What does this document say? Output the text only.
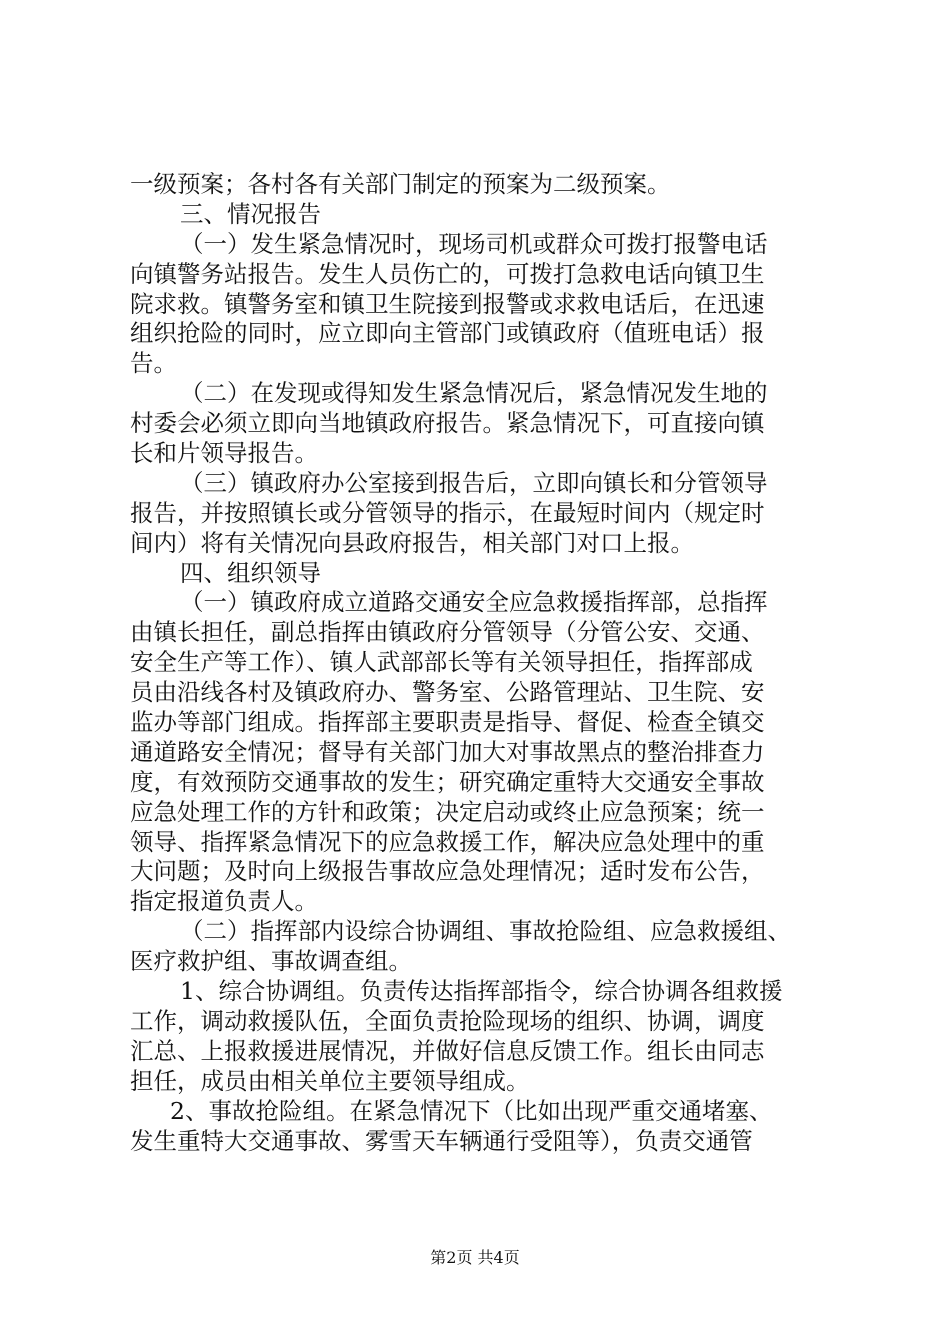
一级预案；各村各有关部门制定的预案为二级预案。
三、情况报告
（一）发生紧急情况时，现场司机或群众可拨打报警电话
向镇警务站报告。发生人员伤亡的，可拨打急救电话向镇卫生
院求救。镇警务室和镇卫生院接到报警或求救电话后，在迅速
组织抢险的同时，应立即向主管部门或镇政府（值班电话）报
告。
（二）在发现或得知发生紧急情况后，紧急情况发生地的
村委会必须立即向当地镇政府报告。紧急情况下，可直接向镇
长和片领导报告。
（三）镇政府办公室接到报告后，立即向镇长和分管领导
报告，并按照镇长或分管领导的指示，在最短时间内（规定时
间内）将有关情况向县政府报告，相关部门对口上报。
四、组织领导
（一）镇政府成立道路交通安全应急救援指挥部，总指挥
由镇长担任，副总指挥由镇政府分管领导（分管公安、交通、
安全生产等工作）、镇人武部部长等有关领导担任，指挥部成
员由沿线各村及镇政府办、警务室、公路管理站、卫生院、安
监办等部门组成。指挥部主要职责是指导、督促、检查全镇交
通道路安全情况；督导有关部门加大对事故黑点的整治排查力
度，有效预防交通事故的发生；研究确定重特大交通安全事故
应急处理工作的方针和政策；决定启动或终止应急预案；统一
领导、指挥紧急情况下的应急救援工作，解决应急处理中的重
大问题；及时向上级报告事故应急处理情况；适时发布公告，
指定报道负责人。
（二）指挥部内设综合协调组、事故抢险组、应急救援组、
医疗救护组、事故调查组。
1、综合协调组。负责传达指挥部指令，综合协调各组救援
工作，调动救援队伍，全面负责抢险现场的组织、协调，调度
汇总、上报救援进展情况，并做好信息反馈工作。组长由同志
担任，成员由相关单位主要领导组成。
2、事故抢险组。在紧急情况下（比如出现严重交通堵塞、
发生重特大交通事故、雾雪天车辆通行受阻等），负责交通管
第2页 共4页
